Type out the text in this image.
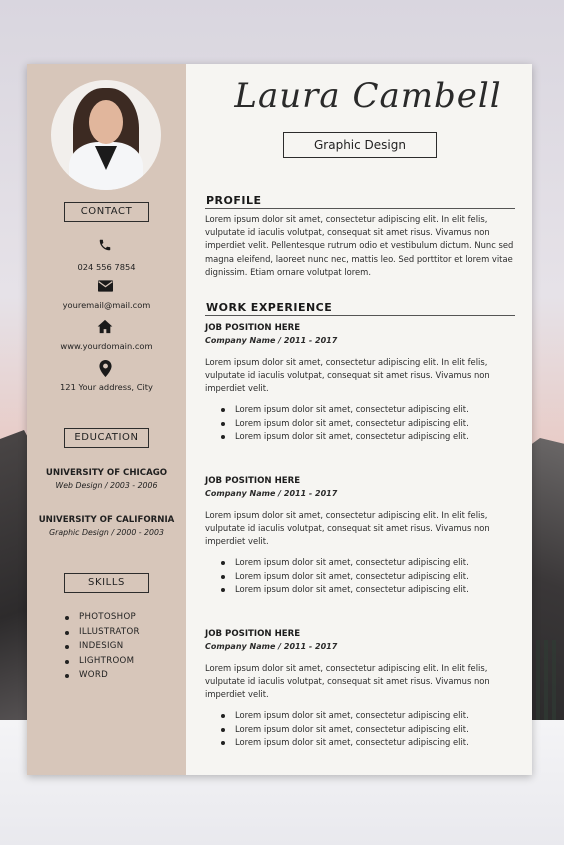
CONTACT
024 556 7854
youremail@mail.com
www.yourdomain.com
121 Your address, City
EDUCATION
UNIVERSITY OF CHICAGO
Web Design / 2003 - 2006
UNIVERSITY OF CALIFORNIA
Graphic Design / 2000 - 2003
SKILLS
PHOTOSHOP
ILLUSTRATOR
INDESIGN
LIGHTROOM
WORD
Laura Cambell
Graphic Design
PROFILE

Lorem ipsum dolor sit amet, consectetur adipiscing elit. In elit felis, vulputate id iaculis volutpat, consequat sit amet risus. Vivamus non imperdiet velit. Pellentesque rutrum odio et vestibulum dictum. Nunc sed magna eleifend, laoreet nunc nec, mattis leo. Sed porttitor et lorem vitae dignissim. Etiam ornare volutpat lorem.

WORK EXPERIENCE
JOB POSITION HERE
Company Name / 2011 - 2017

Lorem ipsum dolor sit amet, consectetur adipiscing elit. In elit felis, vulputate id iaculis volutpat, consequat sit amet risus. Vivamus non imperdiet velit.

Lorem ipsum dolor sit amet, consectetur adipiscing elit.
Lorem ipsum dolor sit amet, consectetur adipiscing elit.
Lorem ipsum dolor sit amet, consectetur adipiscing elit.
JOB POSITION HERE
Company Name / 2011 - 2017

Lorem ipsum dolor sit amet, consectetur adipiscing elit. In elit felis, vulputate id iaculis volutpat, consequat sit amet risus. Vivamus non imperdiet velit.

Lorem ipsum dolor sit amet, consectetur adipiscing elit.
Lorem ipsum dolor sit amet, consectetur adipiscing elit.
Lorem ipsum dolor sit amet, consectetur adipiscing elit.
JOB POSITION HERE
Company Name / 2011 - 2017

Lorem ipsum dolor sit amet, consectetur adipiscing elit. In elit felis, vulputate id iaculis volutpat, consequat sit amet risus. Vivamus non imperdiet velit.

Lorem ipsum dolor sit amet, consectetur adipiscing elit.
Lorem ipsum dolor sit amet, consectetur adipiscing elit.
Lorem ipsum dolor sit amet, consectetur adipiscing elit.
